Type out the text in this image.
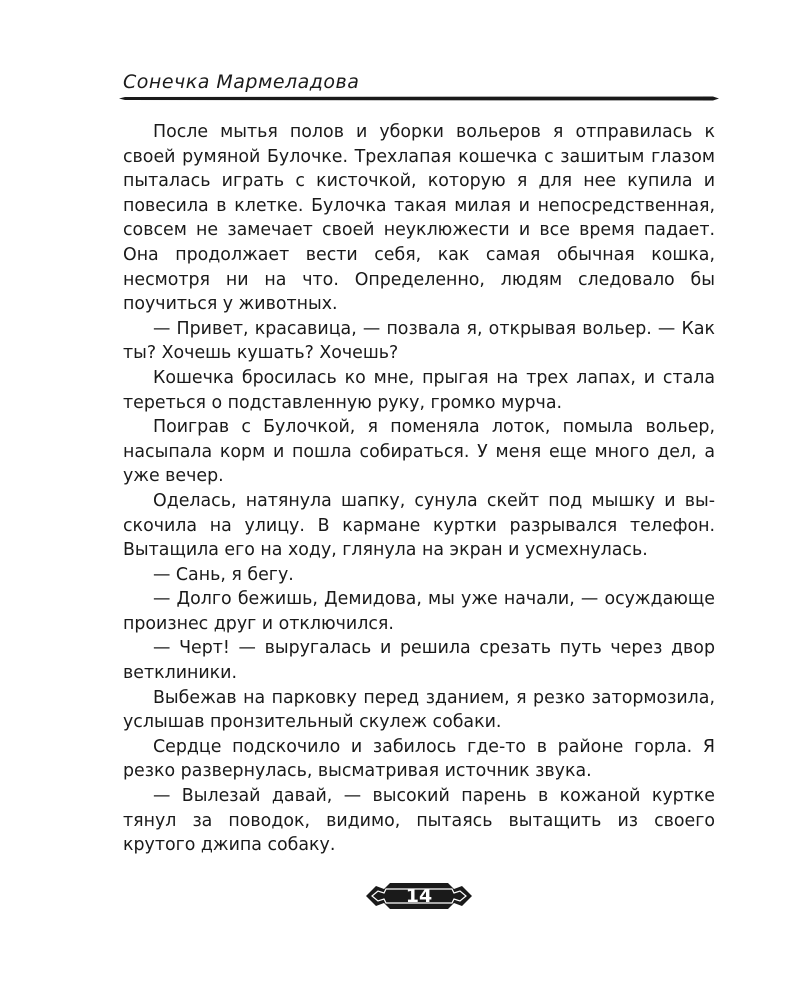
Сонечка Мармеладова

После мытья полов и уборки вольеров я отправилась к своей румяной Булочке. Трехлапая кошечка с зашитым глазом пыталась играть с кисточкой, которую я для нее купила и повесила в клетке. Булочка такая милая и непосредственная, совсем не замечает своей неуклюжести и все время падает. Она продолжает вести себя, как самая обычная кошка, несмотря ни на что. Определенно, людям следовало бы поучиться у животных.

— Привет, красавица, — позвала я, открывая вольер. — Как ты? Хочешь кушать? Хочешь?

Кошечка бросилась ко мне, прыгая на трех лапах, и стала тереться о подставленную руку, громко мурча.

Поиграв с Булочкой, я поменяла лоток, помыла вольер, насыпала корм и пошла собираться. У меня еще много дел, а уже вечер.

Оделась, натянула шапку, сунула скейт под мышку и выскочила на улицу. В кармане куртки разрывался телефон. Вытащила его на ходу, глянула на экран и усмехнулась.

— Сань, я бегу.

— Долго бежишь, Демидова, мы уже начали, — осуждающе произнес друг и отключился.

— Черт! — выругалась и решила срезать путь через двор ветклиники.

Выбежав на парковку перед зданием, я резко затормозила, услышав пронзительный скулеж собаки.

Сердце подскочило и забилось где-то в районе горла. Я резко развернулась, высматривая источник звука.

— Вылезай давай, — высокий парень в кожаной куртке тянул за поводок, видимо, пытаясь вытащить из своего крутого джипа собаку.

14
